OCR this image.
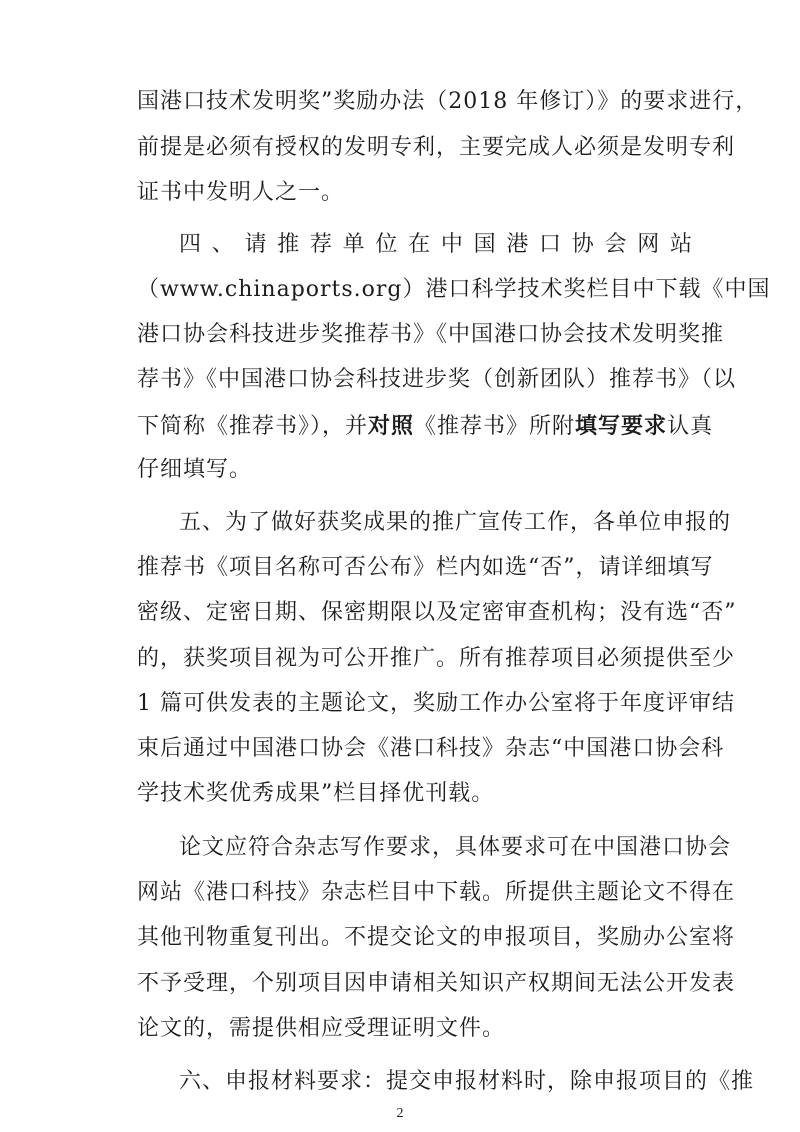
国港口技术发明奖”奖励办法（2018 年修订）》的要求进行，
前提是必须有授权的发明专利，主要完成人必须是发明专利
证书中发明人之一。
四 、 请 推 荐 单 位 在 中 国 港 口 协 会 网 站
（www.chinaports.org）港口科学技术奖栏目中下载《中国
港口协会科技进步奖推荐书》《中国港口协会技术发明奖推
荐书》《中国港口协会科技进步奖（创新团队）推荐书》（以
下简称《推荐书》），并对照《推荐书》所附填写要求认真
仔细填写。
五、为了做好获奖成果的推广宣传工作，各单位申报的
推荐书《项目名称可否公布》栏内如选“否”，请详细填写
密级、定密日期、保密期限以及定密审查机构；没有选“否”
的，获奖项目视为可公开推广。所有推荐项目必须提供至少
1 篇可供发表的主题论文，奖励工作办公室将于年度评审结
束后通过中国港口协会《港口科技》杂志“中国港口协会科
学技术奖优秀成果”栏目择优刊载。
论文应符合杂志写作要求，具体要求可在中国港口协会
网站《港口科技》杂志栏目中下载。所提供主题论文不得在
其他刊物重复刊出。不提交论文的申报项目，奖励办公室将
不予受理，个别项目因申请相关知识产权期间无法公开发表
论文的，需提供相应受理证明文件。
六、申报材料要求：提交申报材料时，除申报项目的《推
2
